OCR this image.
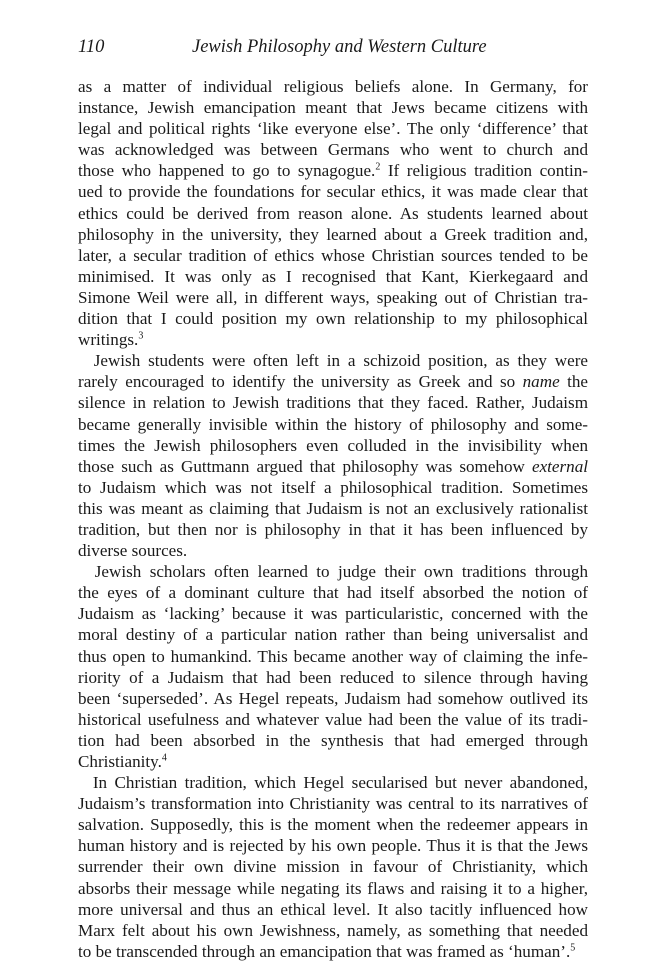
110	Jewish Philosophy and Western Culture
as a matter of individual religious beliefs alone. In Germany, for
instance, Jewish emancipation meant that Jews became citizens with
legal and political rights ‘like everyone else’. The only ‘difference’ that
was acknowledged was between Germans who went to church and
those who happened to go to synagogue.$^2$ If religious tradition contin-
ued to provide the foundations for secular ethics, it was made clear that
ethics could be derived from reason alone. As students learned about
philosophy in the university, they learned about a Greek tradition and,
later, a secular tradition of ethics whose Christian sources tended to be
minimised. It was only as I recognised that Kant, Kierkegaard and
Simone Weil were all, in different ways, speaking out of Christian tra-
dition that I could position my own relationship to my philosophical
writings.$^3$
Jewish students were often left in a schizoid position, as they were
rarely encouraged to identify the university as Greek and so name the
silence in relation to Jewish traditions that they faced. Rather, Judaism
became generally invisible within the history of philosophy and some-
times the Jewish philosophers even colluded in the invisibility when
those such as Guttmann argued that philosophy was somehow external
to Judaism which was not itself a philosophical tradition. Sometimes
this was meant as claiming that Judaism is not an exclusively rationalist
tradition, but then nor is philosophy in that it has been influenced by
diverse sources.
Jewish scholars often learned to judge their own traditions through
the eyes of a dominant culture that had itself absorbed the notion of
Judaism as ‘lacking’ because it was particularistic, concerned with the
moral destiny of a particular nation rather than being universalist and
thus open to humankind. This became another way of claiming the infe-
riority of a Judaism that had been reduced to silence through having
been ‘superseded’. As Hegel repeats, Judaism had somehow outlived its
historical usefulness and whatever value had been the value of its tradi-
tion had been absorbed in the synthesis that had emerged through
Christianity.$^4$
In Christian tradition, which Hegel secularised but never abandoned,
Judaism’s transformation into Christianity was central to its narratives of
salvation. Supposedly, this is the moment when the redeemer appears in
human history and is rejected by his own people. Thus it is that the Jews
surrender their own divine mission in favour of Christianity, which
absorbs their message while negating its flaws and raising it to a higher,
more universal and thus an ethical level. It also tacitly influenced how
Marx felt about his own Jewishness, namely, as something that needed
to be transcended through an emancipation that was framed as ‘human’.$^5$
